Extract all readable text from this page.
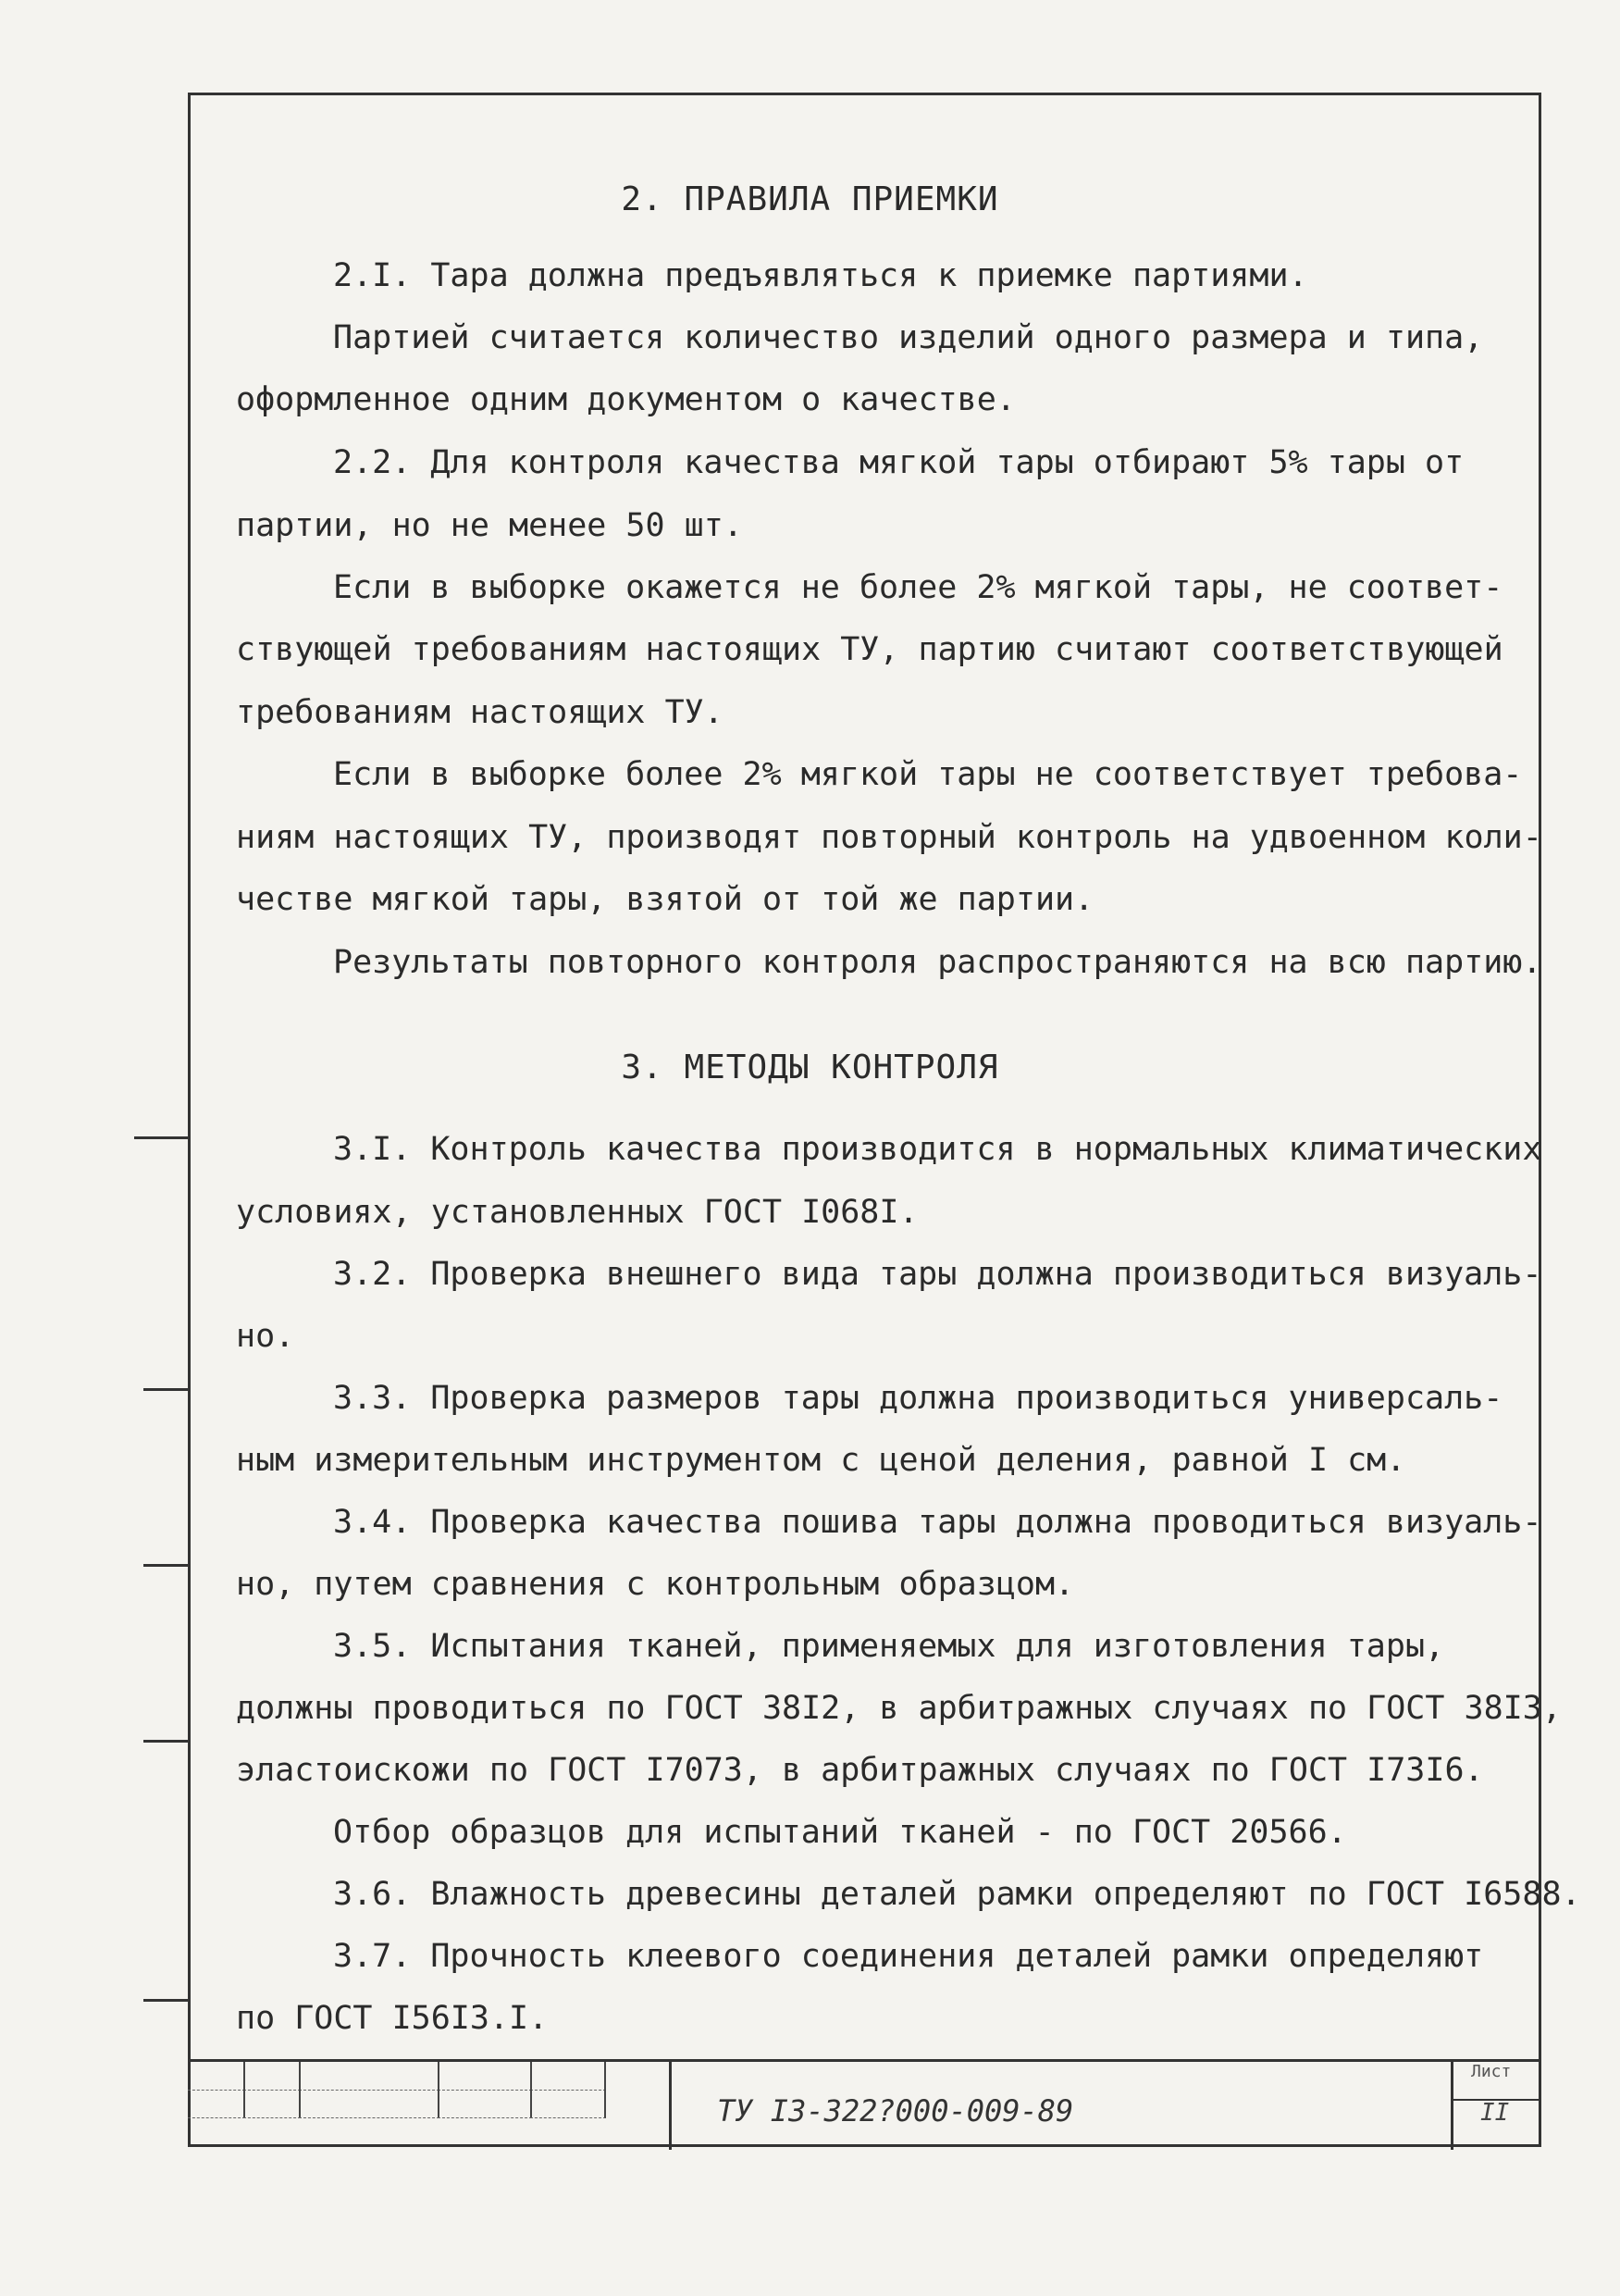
2. ПРАВИЛА ПРИЕМКИ
2.I. Тара должна предъявляться к приемке партиями.
Партией считается количество изделий одного размера и типа,
оформленное одним документом о качестве.
2.2. Для контроля качества мягкой тары отбирают 5% тары от
партии, но не менее 50 шт.
Если в выборке окажется не более 2% мягкой тары, не соответ-
ствующей требованиям настоящих ТУ, партию считают соответствующей
требованиям настоящих ТУ.
Если в выборке более 2% мягкой тары не соответствует требова-
ниям настоящих ТУ, производят повторный контроль на удвоенном коли-
честве мягкой тары, взятой от той же партии.
Результаты повторного контроля распространяются на всю партию.
3. МЕТОДЫ КОНТРОЛЯ
3.I. Контроль качества производится в нормальных климатических
условиях, установленных ГОСТ I068I.
3.2. Проверка внешнего вида тары должна производиться визуаль-
но.
3.3. Проверка размеров тары должна производиться универсаль-
ным измерительным инструментом с ценой деления, равной I см.
3.4. Проверка качества пошива тары должна проводиться визуаль-
но, путем сравнения с контрольным образцом.
3.5. Испытания тканей, применяемых для изготовления тары,
должны проводиться по ГОСТ 38I2, в арбитражных случаях по ГОСТ 38I3,
эластоискожи по ГОСТ I7073, в арбитражных случаях по ГОСТ I73I6.
Отбор образцов для испытаний тканей - по ГОСТ 20566.
3.6. Влажность древесины деталей рамки определяют по ГОСТ I6588.
3.7. Прочность клеевого соединения деталей рамки определяют
по ГОСТ I56I3.I.
ТУ I3-322?000-009-89
Лист
II
